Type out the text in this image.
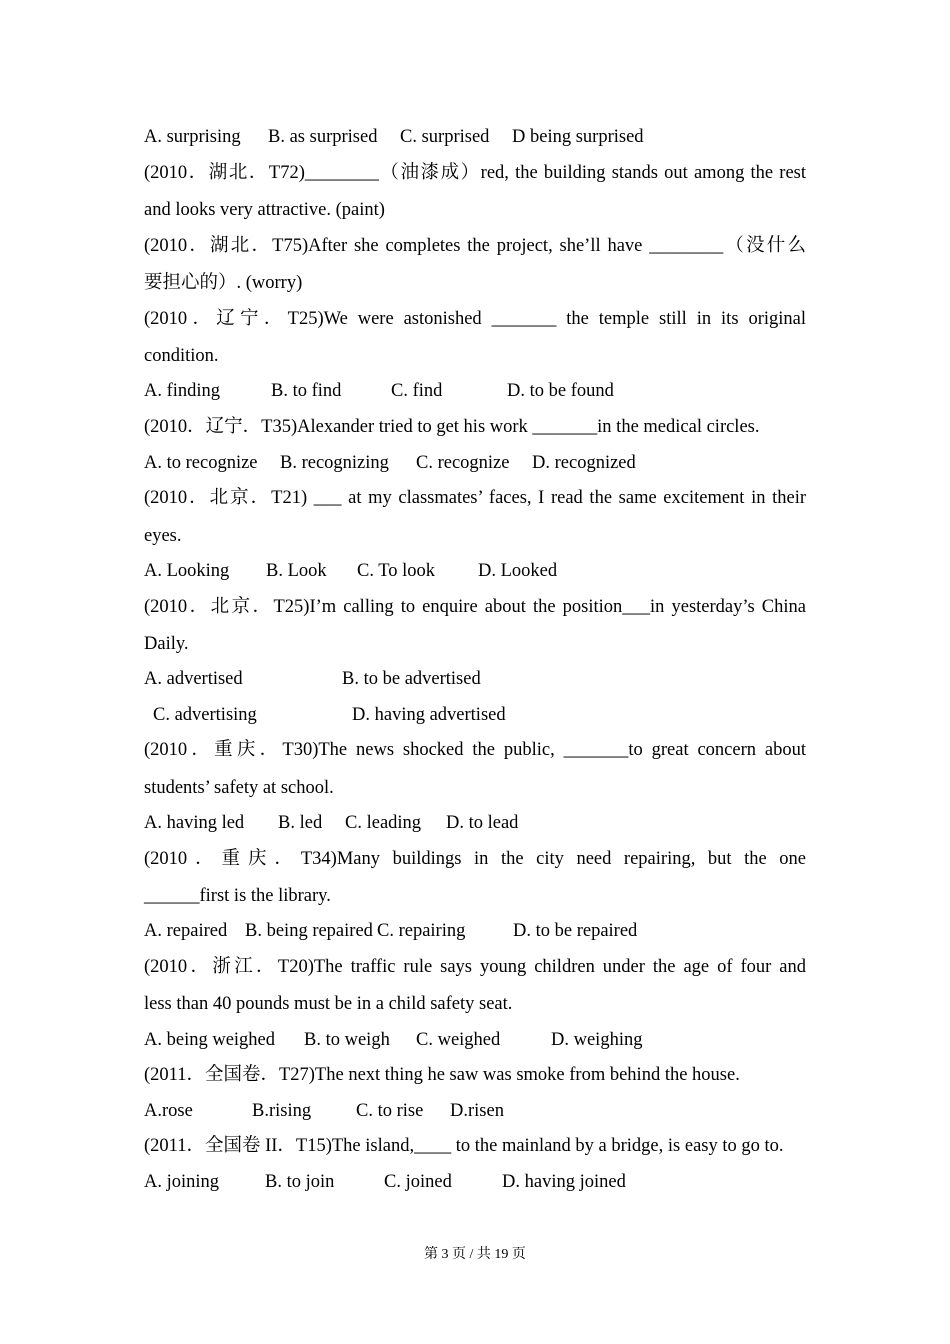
A. surprising B. as surprised C. surprised D being surprised
(2010．湖北．T72)________（油漆成）red, the building stands out among the rest
and looks very attractive. (paint)
(2010．湖北．T75)After she completes the project, she’ll have ________（没什么
要担心的）. (worry)
(2010．辽宁．T25)We were astonished _______ the temple still in its original
condition.
A. finding	B. to find	C. find	D. to be found
(2010．辽宁．T35)Alexander tried to get his work _______in the medical circles.
A. to recognize B. recognizing C. recognize D. recognized
(2010．北京．T21) ___ at my classmates’ faces, I read the same excitement in their
eyes.
A. Looking B. Look C. To look D. Looked
(2010．北京．T25)I’m calling to enquire about the position___in yesterday’s China
Daily.
A. advertised	B. to be advertised
C. advertising	D. having advertised
(2010．重庆．T30)The news shocked the public, _______to great concern about
students’ safety at school.
A. having led B. led C. leading D. to lead
(2010．重庆．T34)Many buildings in the city need repairing, but the one
______first is the library.
A. repaired B. being repaired C. repairing	D. to be repaired
(2010．浙江．T20)The traffic rule says young children under the age of four and
less than 40 pounds must be in a child safety seat.
A. being weighed B. to weigh C. weighed	D. weighing
(2011．全国卷．T27)The next thing he saw was smoke from behind the house.
A.rose	B.rising C. to rise D.risen
(2011．全国卷 II．T15)The island,____ to the mainland by a bridge, is easy to go to.
A. joining B. to join	C. joined	D. having joined
第 3 页 / 共 19 页
